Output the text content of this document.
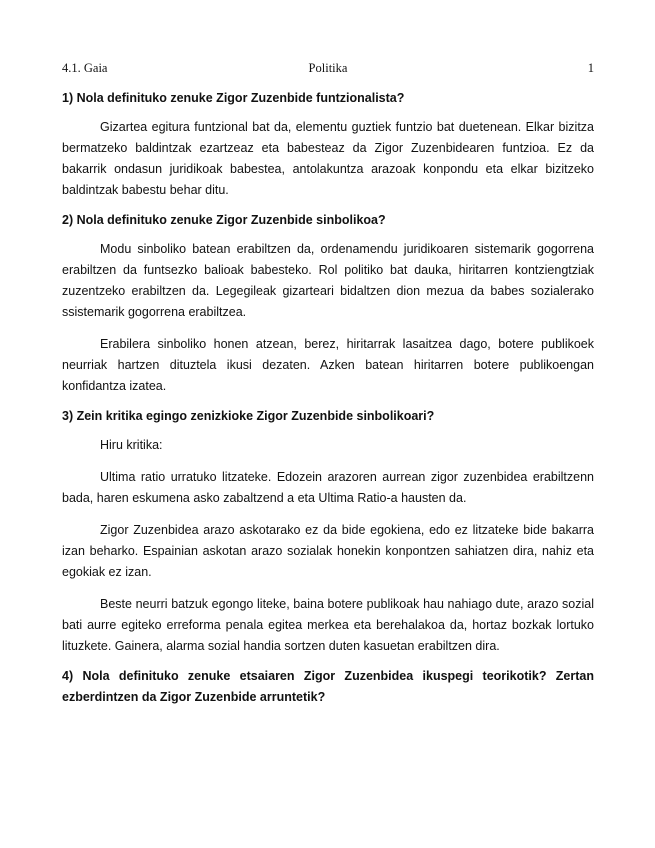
4.1. Gaia	Politika	1

1) Nola definituko zenuke Zigor Zuzenbide funtzionalista?

Gizartea egitura funtzional bat da, elementu guztiek funtzio bat duetenean. Elkar bizitza bermatzeko baldintzak ezartzeaz eta babesteaz da Zigor Zuzenbidearen funtzioa. Ez da bakarrik ondasun juridikoak babestea, antolakuntza arazoak konpondu eta elkar bizitzeko baldintzak babestu behar ditu.

2) Nola definituko zenuke Zigor Zuzenbide sinbolikoa?

Modu sinboliko batean erabiltzen da, ordenamendu juridikoaren sistemarik gogorrena erabiltzen da funtsezko balioak babesteko. Rol politiko bat dauka, hiritarren kontziengtziak zuzentzeko erabiltzen da. Legegileak gizarteari bidaltzen dion mezua da babes sozialerako ssistemarik gogorrena erabiltzea.

Erabilera sinboliko honen atzean, berez, hiritarrak lasaitzea dago, botere publikoek neurriak hartzen dituztela ikusi dezaten. Azken batean hiritarren botere publikoengan konfidantza izatea.

3) Zein kritika egingo zenizkioke Zigor Zuzenbide sinbolikoari?

Hiru kritika:

Ultima ratio urratuko litzateke. Edozein arazoren aurrean zigor zuzenbidea erabiltzenn bada, haren eskumena asko zabaltzend a eta Ultima Ratio-a hausten da.

Zigor Zuzenbidea arazo askotarako ez da bide egokiena, edo ez litzateke bide bakarra izan beharko. Espainian askotan arazo sozialak honekin konpontzen sahiatzen dira, nahiz eta egokiak ez izan.

Beste neurri batzuk egongo liteke, baina botere publikoak hau nahiago dute, arazo sozial bati aurre egiteko erreforma penala egitea merkea eta berehalakoa da, hortaz bozkak lortuko lituzkete. Gainera, alarma sozial handia sortzen duten kasuetan erabiltzen dira.

4) Nola definituko zenuke etsaiaren Zigor Zuzenbidea ikuspegi teorikotik? Zertan ezberdintzen da Zigor Zuzenbide arruntetik?
